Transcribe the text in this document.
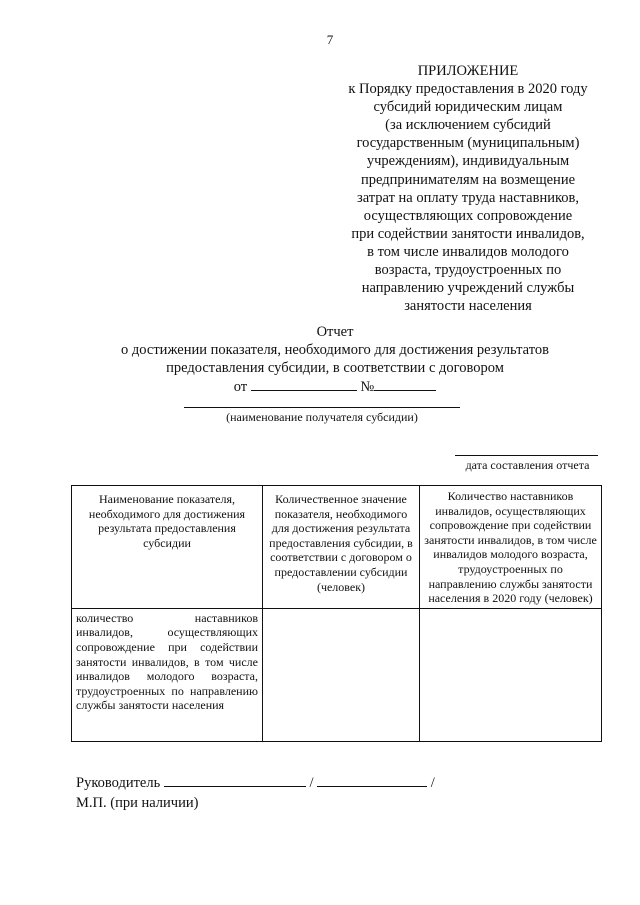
7
ПРИЛОЖЕНИЕ
к Порядку предоставления в 2020 году
субсидий юридическим лицам
(за исключением субсидий
государственным (муниципальным)
учреждениям), индивидуальным
предпринимателям на возмещение
затрат на оплату труда наставников,
осуществляющих сопровождение
при содействии занятости инвалидов,
в том числе инвалидов молодого
возраста, трудоустроенных по
направлению учреждений службы
занятости населения
Отчет
о достижении показателя, необходимого для достижения результатов
предоставления субсидии, в соответствии с договором
от	№
(наименование получателя субсидии)
дата составления отчета
Наименование показателя, необходимого для достижения результата предоставления субсидии	Количественное значение показателя, необходимого для достижения результата предоставления субсидии, в соответствии с договором о предоставлении субсидии (человек)	Количество наставников инвалидов, осуществляющих сопровождение при содействии занятости инвалидов, в том числе инвалидов молодого возраста, трудоустроенных по направлению службы занятости населения в 2020 году (человек)
количество наставников инвалидов, осуществляющих сопровождение при содействии занятости инвалидов, в том числе инвалидов молодого возраста, трудоустроенных по направлению службы занятости населения		
Руководитель	/	/
М.П. (при наличии)
